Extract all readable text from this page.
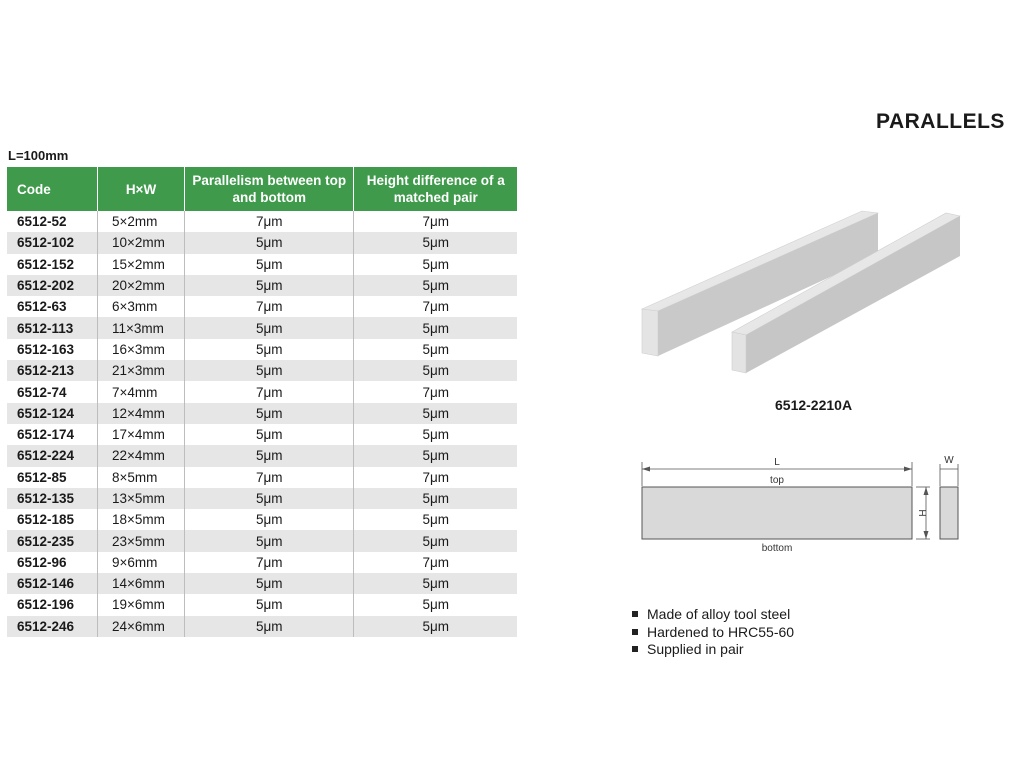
PARALLELS
L=100mm
Code	H×W	Parallelism between top and bottom	Height difference of a matched pair
6512-52	5×2mm	7μm	7μm
6512-102	10×2mm	5μm	5μm
6512-152	15×2mm	5μm	5μm
6512-202	20×2mm	5μm	5μm
6512-63	6×3mm	7μm	7μm
6512-113	11×3mm	5μm	5μm
6512-163	16×3mm	5μm	5μm
6512-213	21×3mm	5μm	5μm
6512-74	7×4mm	7μm	7μm
6512-124	12×4mm	5μm	5μm
6512-174	17×4mm	5μm	5μm
6512-224	22×4mm	5μm	5μm
6512-85	8×5mm	7μm	7μm
6512-135	13×5mm	5μm	5μm
6512-185	18×5mm	5μm	5μm
6512-235	23×5mm	5μm	5μm
6512-96	9×6mm	7μm	7μm
6512-146	14×6mm	5μm	5μm
6512-196	19×6mm	5μm	5μm
6512-246	24×6mm	5μm	5μm
6512-2210A
L
top
bottom
H
W
Made of alloy tool steel
Hardened to HRC55-60
Supplied in pair
